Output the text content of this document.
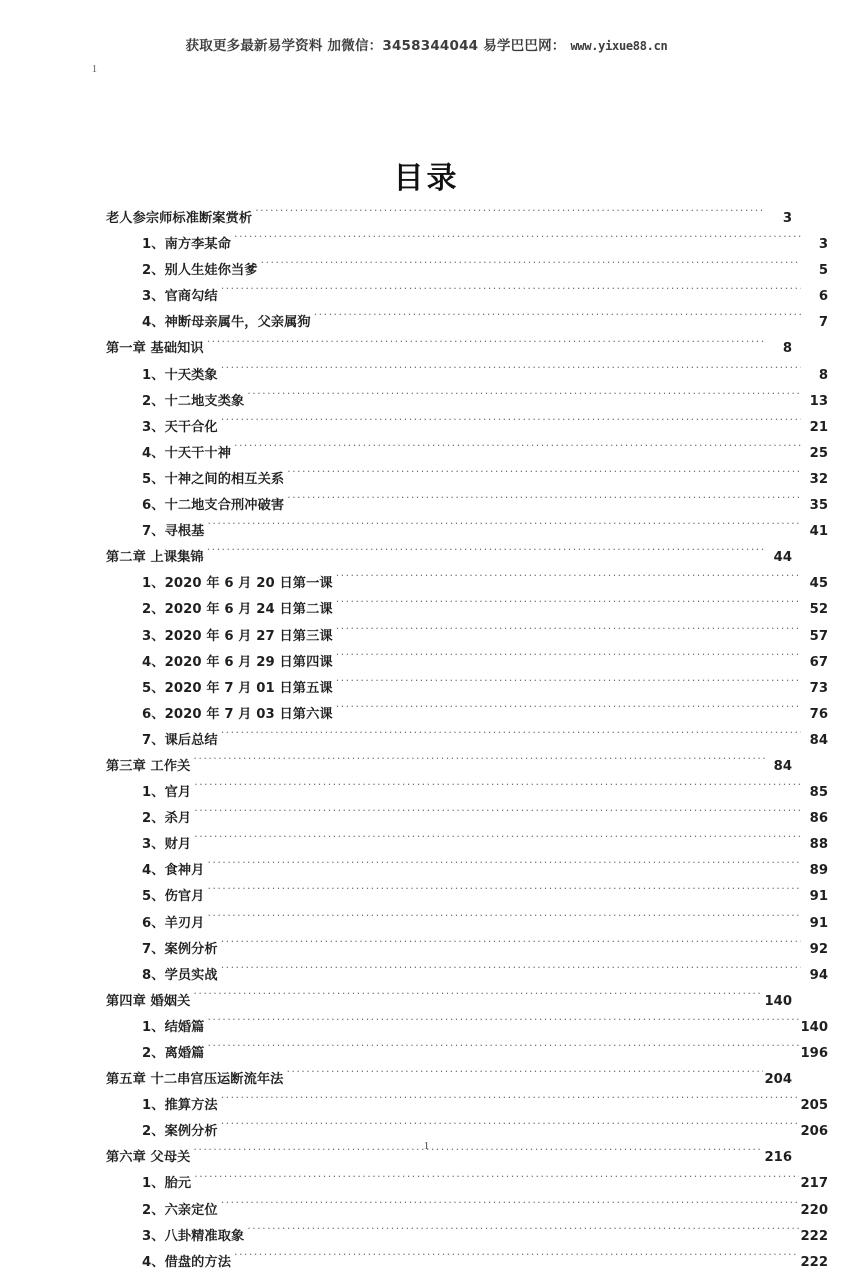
获取更多最新易学资料 加微信：3458344044 易学巴巴网： www.yixue88.cn
1
目录
老人参宗师标准断案赏析 .....	3
1、南方李某命 .....	3
2、别人生娃你当爹 .....	5
3、官商勾结 .....	6
4、神断母亲属牛，父亲属狗 .....	7
第一章 基础知识 .....	8
1、十天类象 .....	8
2、十二地支类象 .....	13
3、天干合化 .....	21
4、十天干十神 .....	25
5、十神之间的相互关系 .....	32
6、十二地支合刑冲破害 .....	35
7、寻根基 .....	41
第二章 上课集锦 .....	44
1、2020 年 6 月 20 日第一课 .....	45
2、2020 年 6 月 24 日第二课 .....	52
3、2020 年 6 月 27 日第三课 .....	57
4、2020 年 6 月 29 日第四课 .....	67
5、2020 年 7 月 01 日第五课 .....	73
6、2020 年 7 月 03 日第六课 .....	76
7、课后总结 .....	84
第三章 工作关 .....	84
1、官月 .....	85
2、杀月 .....	86
3、财月 .....	88
4、食神月 .....	89
5、伤官月 .....	91
6、羊刃月 .....	91
7、案例分析 .....	92
8、学员实战 .....	94
第四章 婚姻关 .....	140
1、结婚篇 .....	140
2、离婚篇 .....	196
第五章 十二串宫压运断流年法 .....	204
1、推算方法 .....	205
2、案例分析 .....	206
第六章 父母关 .....	216
1、胎元 .....	217
2、六亲定位 .....	220
3、八卦精准取象 .....	222
4、借盘的方法 .....	222
1
